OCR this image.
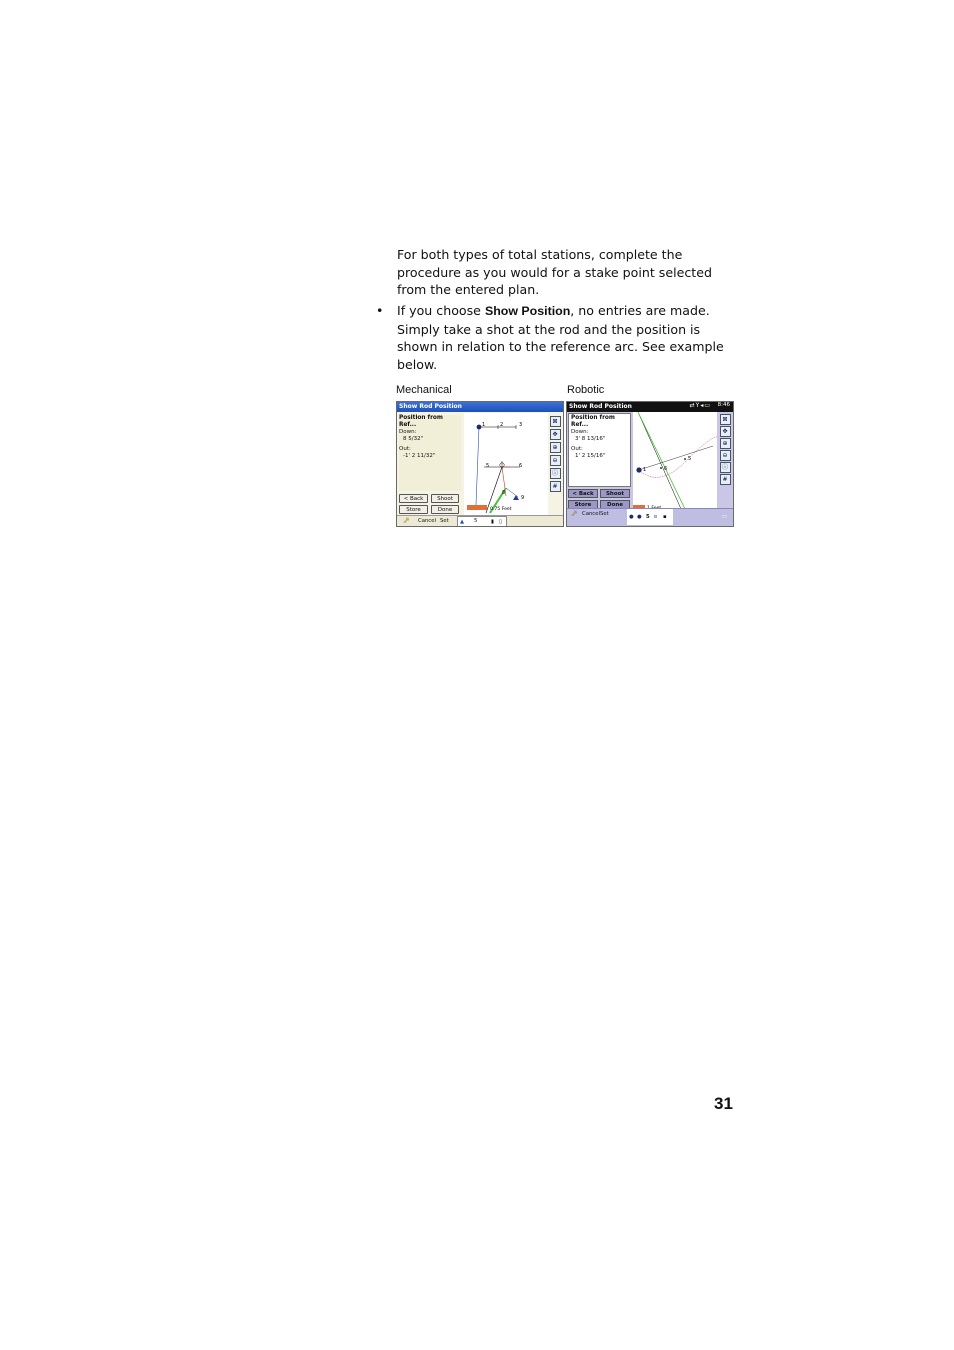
For both types of total stations, complete the procedure as you would for a stake point selected from the entered plan.
• If you choose Show Position, no entries are made. Simply take a shot at the rod and the position is shown in relation to the reference arc. See example below.
Mechanical	Robotic
Show Rod Position
Position from Ref...
Down:
8 5/32"
Out:
-1' 2 11/32"
< Back	Shoot
Store	Done
1	2	3
5	6
8
9
0.75 Feet
⊠
✥
⊕
⊖
ⓘ
#
🗝 Cancel Set ▲ 5	▮ ▯
Show Rod Position	⇄Y◂▭ 8:46
Position from Ref...
Down:
3' 8 13/16"
Out:
1' 2 15/16"
< Back	Shoot
Store	Done
1	6
5
⊠
✥
⊕
⊖
ⓘ
#
🗝 Cancel Set	● ● 5 ʙ ▪	▭
31
